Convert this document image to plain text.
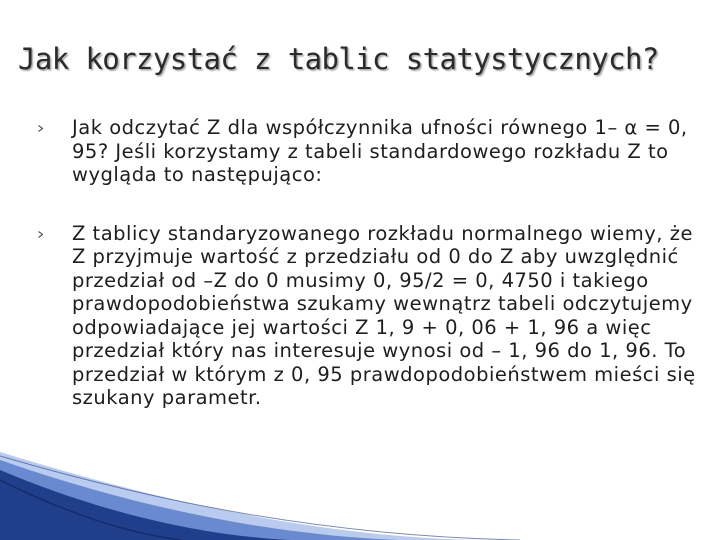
Jak korzystać z tablic statystycznych?
Jak odczytać Z dla współczynnika ufności równego 1– α = 0, 95? Jeśli korzystamy z tabeli standardowego rozkładu Z to wygląda to następująco:
Z tablicy standaryzowanego rozkładu normalnego wiemy, że Z przyjmuje wartość z przedziału od 0 do Z aby uwzględnić przedział od –Z do 0 musimy 0, 95/2 = 0, 4750 i takiego prawdopodobieństwa szukamy wewnątrz tabeli odczytujemy odpowiadające jej wartości Z 1, 9 + 0, 06 + 1, 96 a więc przedział który nas interesuje wynosi od – 1, 96 do 1, 96. To przedział w którym z 0, 95 prawdopodobieństwem mieści się szukany parametr.
